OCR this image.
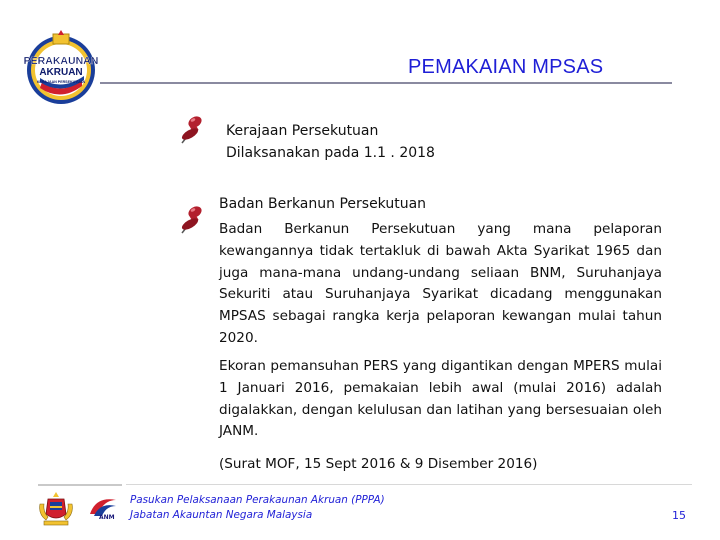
PERAKAUNAN
AKRUAN
KERAJAAN PERSEKUTUAN
PEMAKAIAN MPSAS
Kerajaan Persekutuan
Dilaksanakan pada 1.1 . 2018
Badan Berkanun Persekutuan
Badan Berkanun Persekutuan yang mana pelaporan kewangannya tidak tertakluk di bawah Akta Syarikat 1965 dan juga mana-mana undang-undang seliaan BNM, Suruhanjaya Sekuriti atau Suruhanjaya Syarikat dicadang menggunakan MPSAS sebagai rangka kerja pelaporan kewangan mulai tahun 2020.
Ekoran pemansuhan PERS yang digantikan dengan MPERS mulai 1 Januari 2016, pemakaian lebih awal (mulai 2016) adalah digalakkan, dengan kelulusan dan latihan yang bersesuaian oleh JANM.
(Surat MOF, 15 Sept 2016 & 9 Disember 2016)
ANM
Pasukan Pelaksanaan Perakaunan Akruan (PPPA)
Jabatan Akauntan Negara Malaysia	15
